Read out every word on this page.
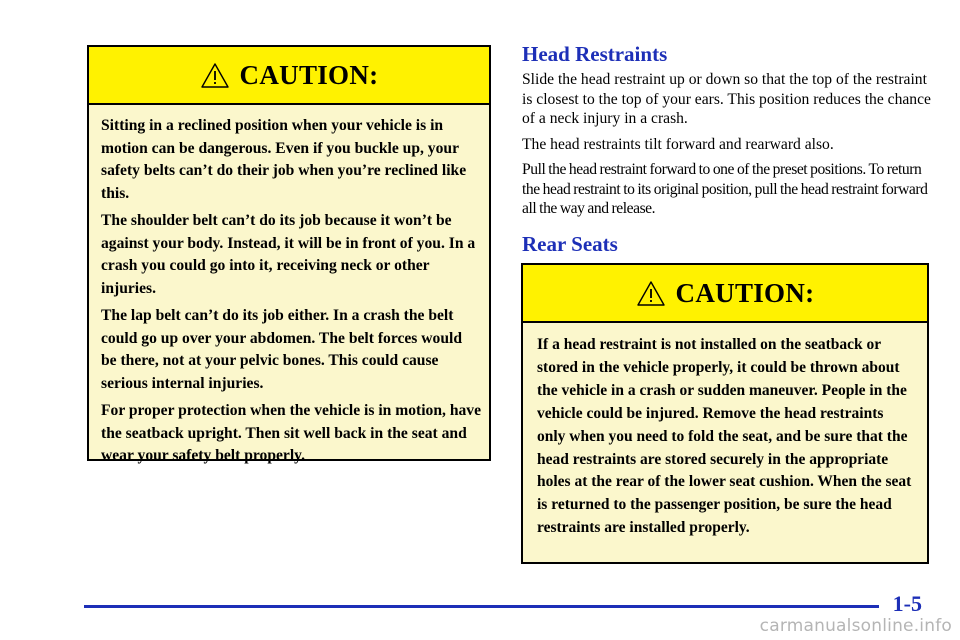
CAUTION:

Sitting in a reclined position when your vehicle is in motion can be dangerous. Even if you buckle up, your safety belts can’t do their job when you’re reclined like this.

The shoulder belt can’t do its job because it won’t be against your body. Instead, it will be in front of you. In a crash you could go into it, receiving neck or other injuries.

The lap belt can’t do its job either. In a crash the belt could go up over your abdomen. The belt forces would be there, not at your pelvic bones. This could cause serious internal injuries.

For proper protection when the vehicle is in motion, have the seatback upright. Then sit well back in the seat and wear your safety belt properly.

Head Restraints

Slide the head restraint up or down so that the top of the restraint is closest to the top of your ears. This position reduces the chance of a neck injury in a crash.

The head restraints tilt forward and rearward also.

Pull the head restraint forward to one of the preset positions. To return the head restraint to its original position, pull the head restraint forward all the way and release.

Rear Seats
CAUTION:

If a head restraint is not installed on the seatback or stored in the vehicle properly, it could be thrown about the vehicle in a crash or sudden maneuver. People in the vehicle could be injured. Remove the head restraints only when you need to fold the seat, and be sure that the head restraints are stored securely in the appropriate holes at the rear of the lower seat cushion. When the seat is returned to the passenger position, be sure the head restraints are installed properly.

1-5
carmanualsonline.info
